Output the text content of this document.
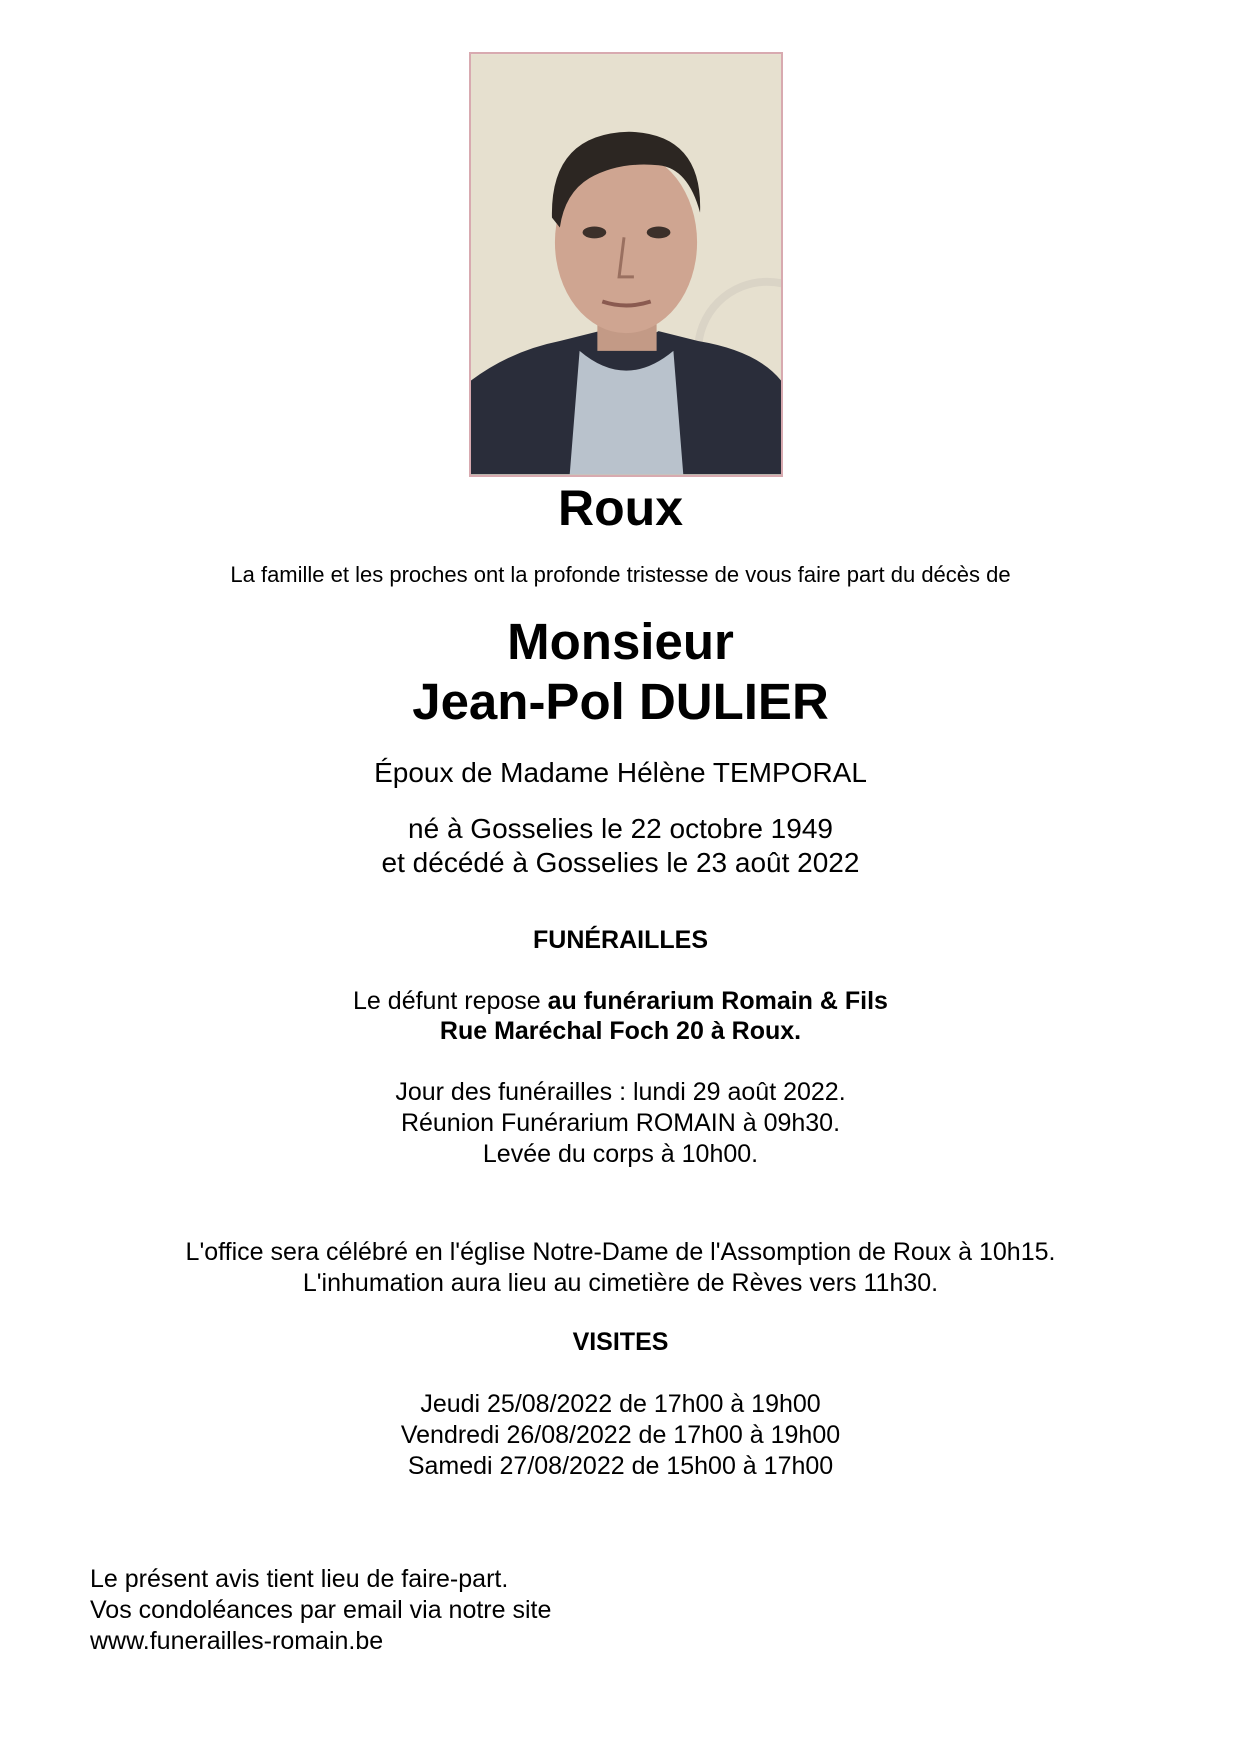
Roux
La famille et les proches ont la profonde tristesse de vous faire part du décès de
Monsieur
Jean-Pol DULIER
Époux de Madame Hélène TEMPORAL
né à Gosselies le 22 octobre 1949
et décédé à Gosselies le 23 août 2022
FUNÉRAILLES
Le défunt repose au funérarium Romain & Fils
Rue Maréchal Foch 20 à Roux.
Jour des funérailles : lundi 29 août 2022.
Réunion Funérarium ROMAIN à 09h30.
Levée du corps à 10h00.
L'office sera célébré en l'église Notre-Dame de l'Assomption de Roux à 10h15.
L'inhumation aura lieu au cimetière de Rèves vers 11h30.
VISITES
Jeudi 25/08/2022 de 17h00 à 19h00
Vendredi 26/08/2022 de 17h00 à 19h00
Samedi 27/08/2022 de 15h00 à 17h00
Le présent avis tient lieu de faire-part.
Vos condoléances par email via notre site
www.funerailles-romain.be
